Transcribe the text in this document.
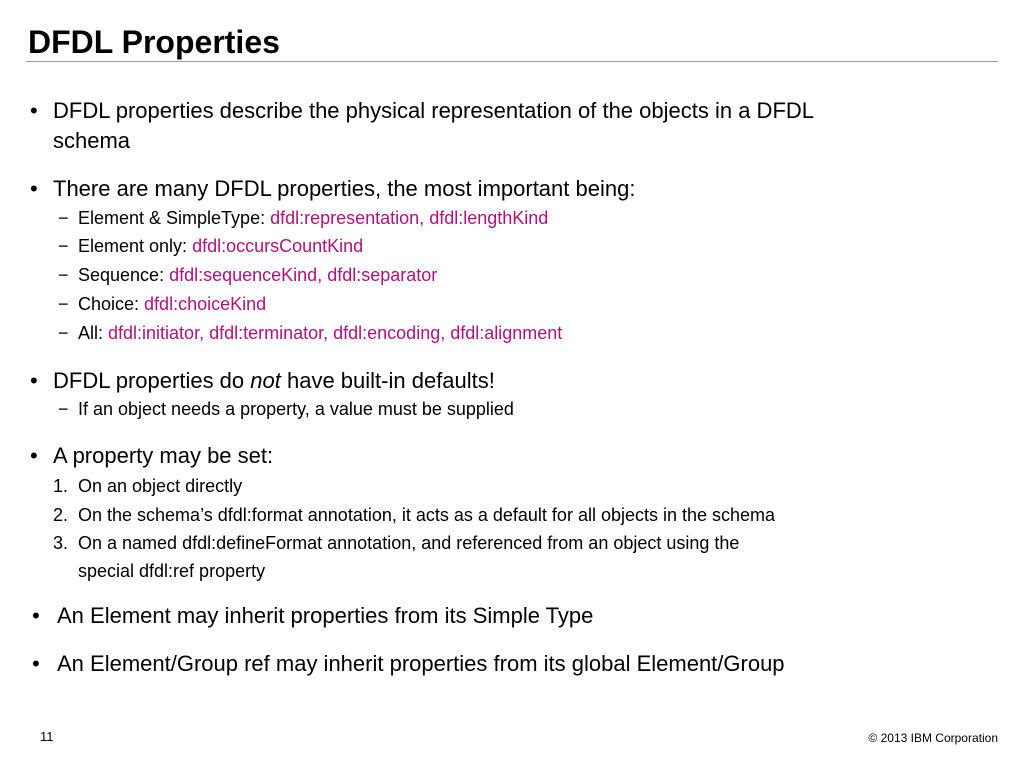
DFDL Properties
• DFDL properties describe the physical representation of the objects in a DFDL
schema
• There are many DFDL properties, the most important being:
− Element & SimpleType: dfdl:representation, dfdl:lengthKind
− Element only: dfdl:occursCountKind
− Sequence: dfdl:sequenceKind, dfdl:separator
− Choice: dfdl:choiceKind
− All: dfdl:initiator, dfdl:terminator, dfdl:encoding, dfdl:alignment
• DFDL properties do not have built-in defaults!
− If an object needs a property, a value must be supplied
• A property may be set:
1. On an object directly
2. On the schema’s dfdl:format annotation, it acts as a default for all objects in the schema
3. On a named dfdl:defineFormat annotation, and referenced from an object using the
special dfdl:ref property
• An Element may inherit properties from its Simple Type
• An Element/Group ref may inherit properties from its global Element/Group
11	© 2013 IBM Corporation
